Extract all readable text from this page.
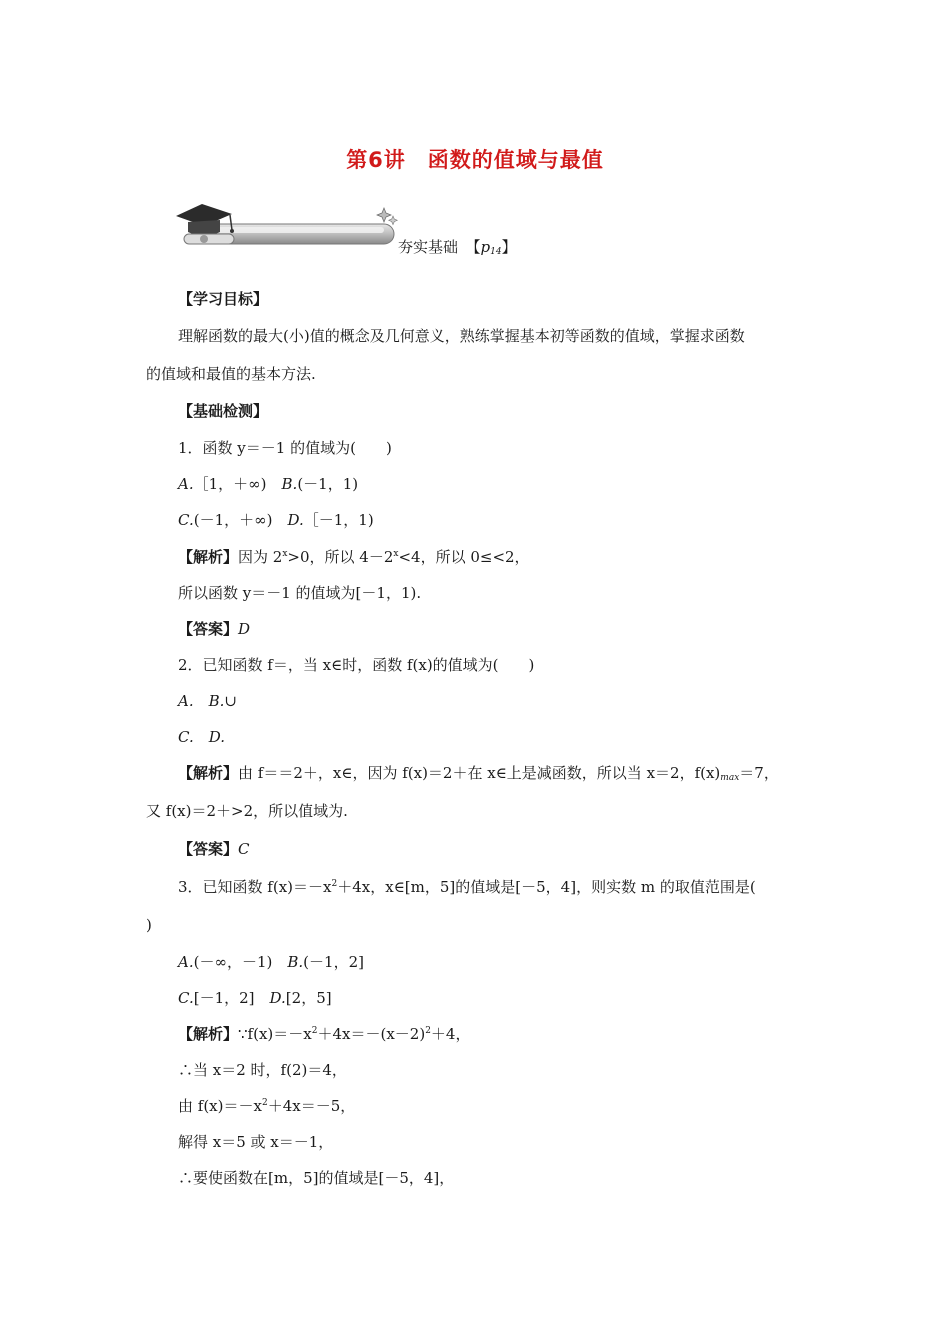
第6讲　函数的值域与最值
夯实基础　 【$p_{14}$】
【学习目标】
理解函数的最大(小)值的概念及几何意义，熟练掌握基本初等函数的值域，掌握求函数
的值域和最值的基本方法.
【基础检测】
1．函数 y＝－1 的值域为(　　)
A.［1，＋∞)　 B.(－1，1)
C.(－1，＋∞)　 D.［－1，1)
【解析】因为 $2^x>0$，所以 $4-2^x<4$，所以 0≤<2，
所以函数 y＝－1 的值域为[－1，1).
【答案】D
2．已知函数 f＝，当 x∈时，函数 f(x)的值域为(　　)
A.　 B.∪
C.　 D.
【解析】由 f＝＝2＋，x∈，因为 f(x)＝2＋在 x∈上是减函数，所以当 x＝2，$f(x)_{max}=7$，
又 f(x)＝2＋>2，所以值域为.
【答案】C
3．已知函数 $f(x)=-x^2+4x$，x∈[m，5]的值域是[－5，4]，则实数 m 的取值范围是(
)
A.(－∞，－1)　 B.(－1，2]
C.[－1，2]　 D.[2，5]
【解析】$\because f(x)=-x^2+4x=-(x-2)^2+4$，
∴当 x＝2 时，f(2)＝4，
由 $f(x)=-x^2+4x=-5$，
解得 x＝5 或 x＝－1，
∴要使函数在[m，5]的值域是[－5，4]，
